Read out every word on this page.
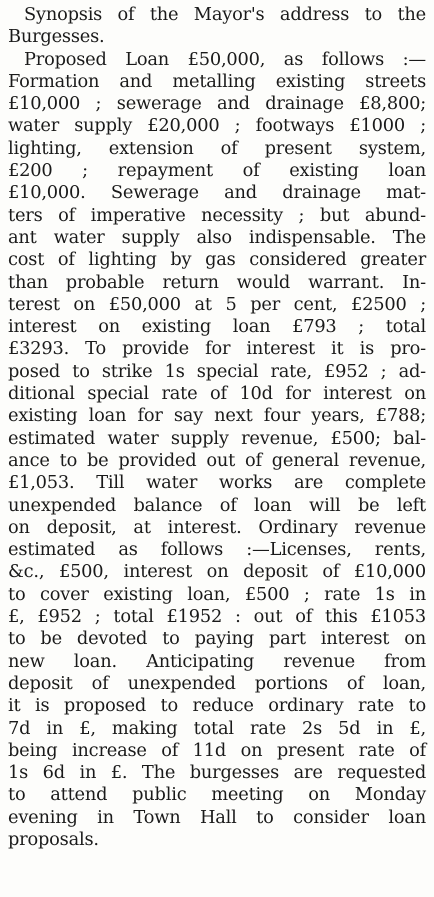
Synopsis of the Mayor's address to the
Burgesses.
Proposed Loan £50,000, as follows :—
Formation and metalling existing streets
£10,000 ; sewerage and drainage £8,800;
water supply £20,000 ; footways £1000 ;
lighting, extension of present system,
£200 ; repayment of existing loan
£10,000. Sewerage and drainage mat-
ters of imperative necessity ; but abund-
ant water supply also indispensable. The
cost of lighting by gas considered greater
than probable return would warrant. In-
terest on £50,000 at 5 per cent, £2500 ;
interest on existing loan £793 ; total
£3293. To provide for interest it is pro-
posed to strike 1s special rate, £952 ; ad-
ditional special rate of 10d for interest on
existing loan for say next four years, £788;
estimated water supply revenue, £500; bal-
ance to be provided out of general revenue,
£1,053. Till water works are complete
unexpended balance of loan will be left
on deposit, at interest. Ordinary revenue
estimated as follows :—Licenses, rents,
&c., £500, interest on deposit of £10,000
to cover existing loan, £500 ; rate 1s in
£, £952 ; total £1952 : out of this £1053
to be devoted to paying part interest on
new loan. Anticipating revenue from
deposit of unexpended portions of loan,
it is proposed to reduce ordinary rate to
7d in £, making total rate 2s 5d in £,
being increase of 11d on present rate of
1s 6d in £. The burgesses are requested
to attend public meeting on Monday
evening in Town Hall to consider loan
proposals.
